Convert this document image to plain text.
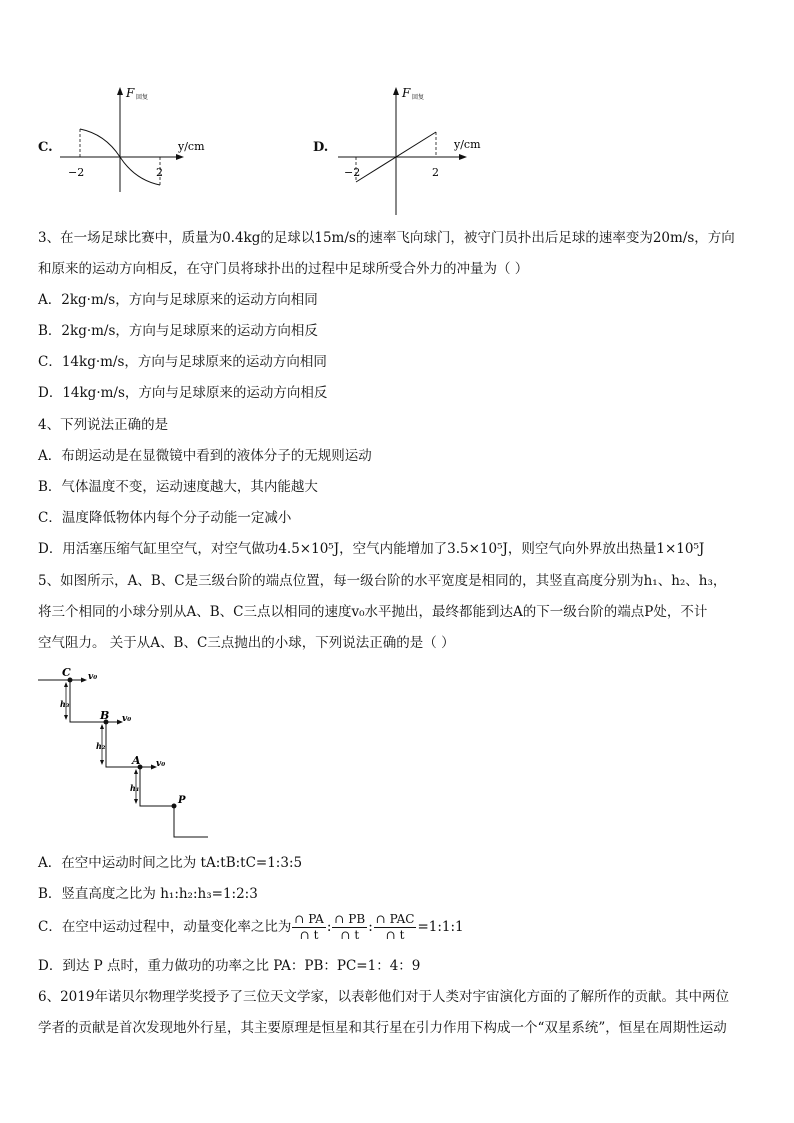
C.
F 回复
y/cm
−2	2
D.
F 回复
y/cm
−2	2
3、在一场足球比赛中，质量为0.4kg的足球以15m/s的速率飞向球门，被守门员扑出后足球的速率变为20m/s，方向
和原来的运动方向相反，在守门员将球扑出的过程中足球所受合外力的冲量为（ ）
A．2kg·m/s，方向与足球原来的运动方向相同
B．2kg·m/s，方向与足球原来的运动方向相反
C．14kg·m/s，方向与足球原来的运动方向相同
D．14kg·m/s，方向与足球原来的运动方向相反
4、下列说法正确的是
A．布朗运动是在显微镜中看到的液体分子的无规则运动
B．气体温度不变，运动速度越大，其内能越大
C．温度降低物体内每个分子动能一定减小
D．用活塞压缩气缸里空气，对空气做功4.5×10⁵J，空气内能增加了3.5×10⁵J，则空气向外界放出热量1×10⁵J
5、如图所示，A、B、C是三级台阶的端点位置，每一级台阶的水平宽度是相同的，其竖直高度分别为h₁、h₂、h₃，
将三个相同的小球分别从A、B、C三点以相同的速度v₀水平抛出，最终都能到达A的下一级台阶的端点P处，不计
空气阻力。 关于从A、B、C三点抛出的小球，下列说法正确的是（ ）
C v₀
B v₀
A v₀
P
h₃
h₂
h₁
A．在空中运动时间之比为 tA:tB:tC=1:3:5
B．竖直高度之比为 h₁:h₂:h₃=1:2:3
C．在空中运动过程中，动量变化率之比为 $\frac{\cap PA}{\cap t}$ : $\frac{\cap PB}{\cap t}$ : $\frac{\text{∩ PAC}}{\cap t}$ =1:1:1
D．到达 P 点时，重力做功的功率之比 PA：PB：PC=1：4：9
6、2019年诺贝尔物理学奖授予了三位天文学家，以表彰他们对于人类对宇宙演化方面的了解所作的贡献。其中两位
学者的贡献是首次发现地外行星，其主要原理是恒星和其行星在引力作用下构成一个“双星系统”，恒星在周期性运动
